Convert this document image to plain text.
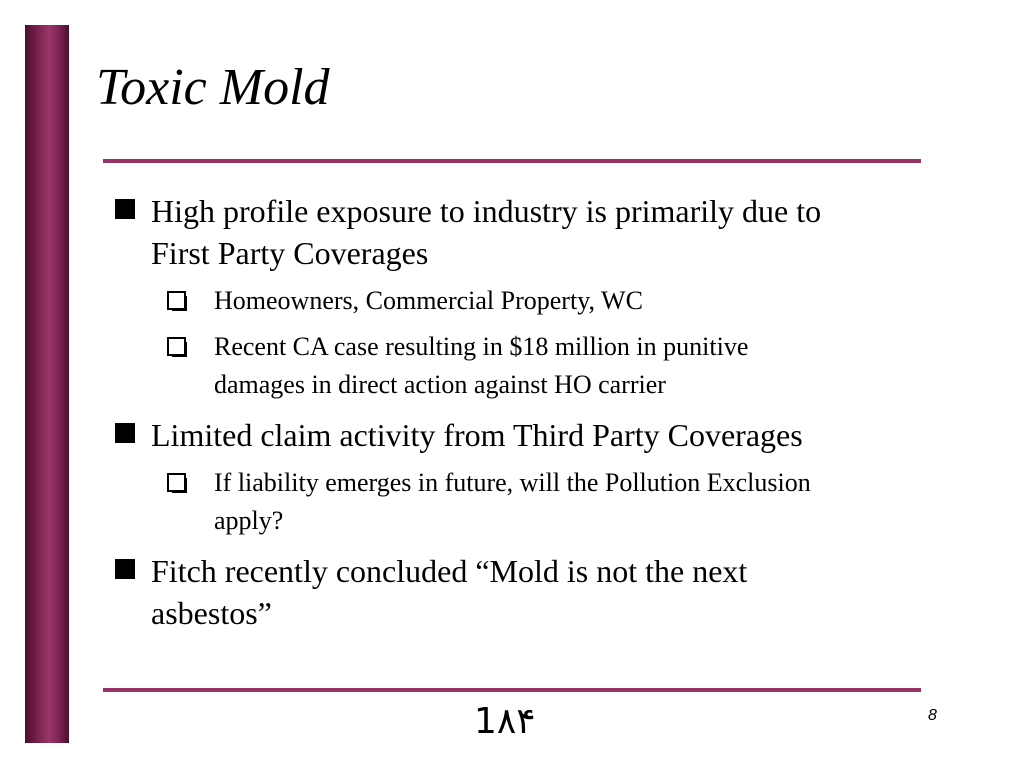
Toxic Mold
High profile exposure to industry is primarily due to
First Party Coverages
Homeowners, Commercial Property, WC
Recent CA case resulting in $18 million in punitive
damages in direct action against HO carrier
Limited claim activity from Third Party Coverages
If liability emerges in future, will the Pollution Exclusion
apply?
Fitch recently concluded “Mold is not the next
asbestos”
1۸۴	8
